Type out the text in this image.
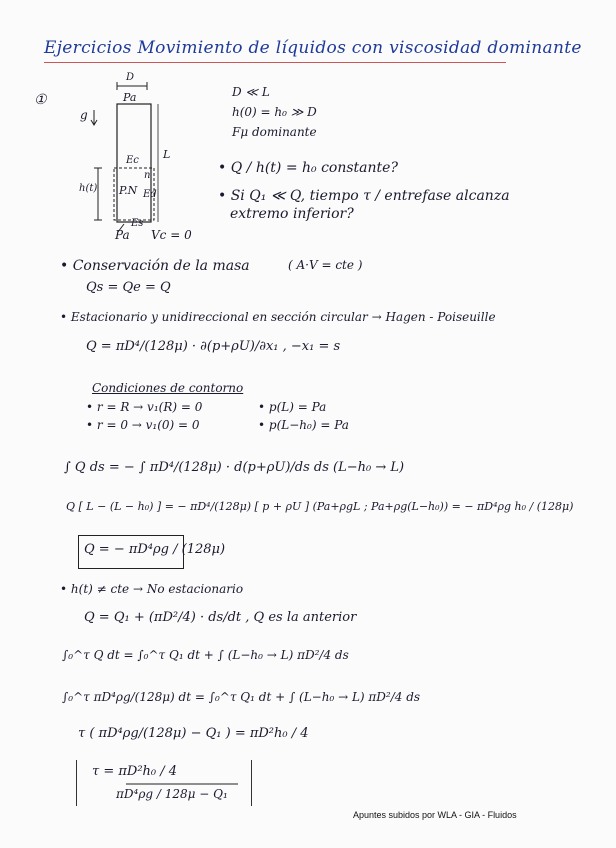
Ejercicios Movimiento de líquidos con viscosidad dominante
①
D
Pa
g
L
Ec
n
P.N Ed
h(t)
Es
Pa Vc = 0
D ≪ L
h(0) = h₀ ≫ D
Fμ dominante
• Q / h(t) = h₀ constante?
• Si Q₁ ≪ Q, tiempo τ / entrefase alcanza
extremo inferior?
• Conservación de la masa	( A·V = cte )
Qs = Qe = Q
• Estacionario y unidireccional en sección circular → Hagen - Poiseuille
Q = πD⁴/(128μ) · ∂(p+ρU)/∂x₁ , −x₁ = s
Condiciones de contorno
• r = R → v₁(R) = 0
• r = 0 → v₁(0) = 0
• p(L) = Pa
• p(L−h₀) = Pa
∫ Q ds = − ∫ πD⁴/(128μ) · d(p+ρU)/ds ds (L−h₀ → L)
Q [ L − (L − h₀) ] = − πD⁴/(128μ) [ p + ρU ] (Pa+ρgL ; Pa+ρg(L−h₀)) = − πD⁴ρg h₀ / (128μ)
Q = − πD⁴ρg / (128μ)
• h(t) ≠ cte → No estacionario
Q = Q₁ + (πD²/4) · ds/dt , Q es la anterior
∫₀^τ Q dt = ∫₀^τ Q₁ dt + ∫ (L−h₀ → L) πD²/4 ds
∫₀^τ πD⁴ρg/(128μ) dt = ∫₀^τ Q₁ dt + ∫ (L−h₀ → L) πD²/4 ds
τ ( πD⁴ρg/(128μ) − Q₁ ) = πD²h₀ / 4
τ = πD²h₀ / 4
πD⁴ρg / 128μ − Q₁
Apuntes subidos por WLA - GIA - Fluidos
